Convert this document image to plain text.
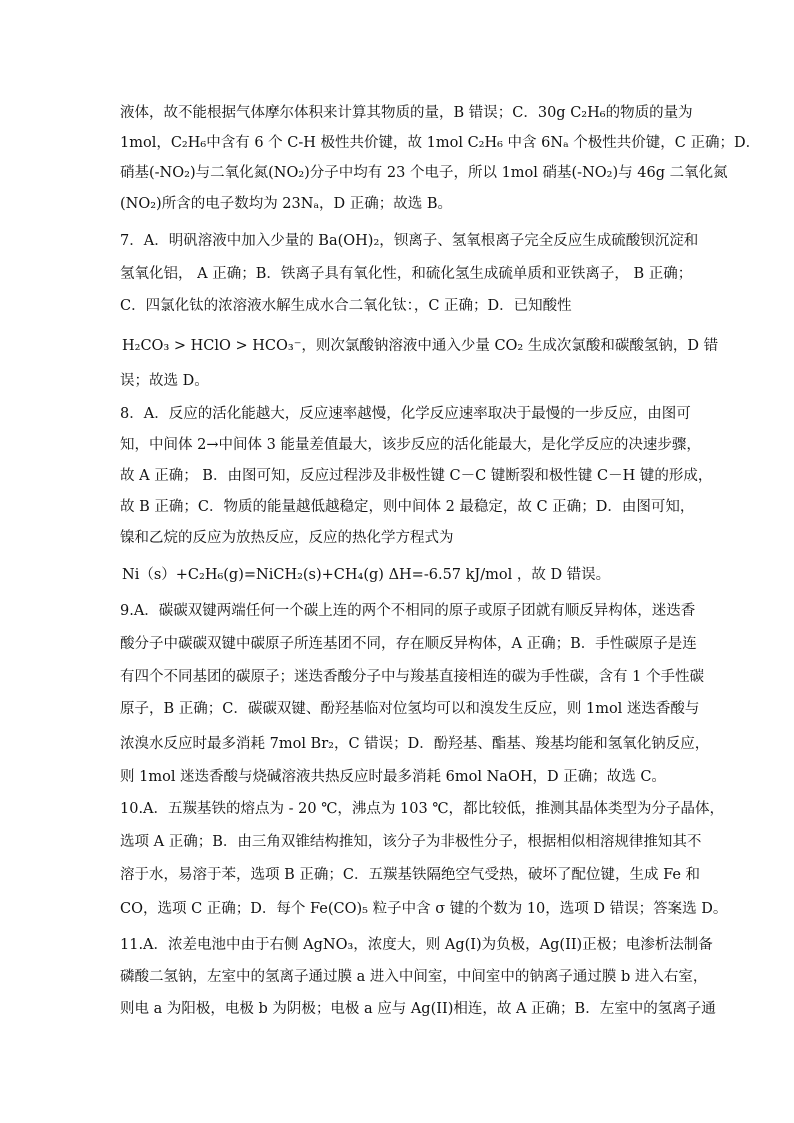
液体，故不能根据气体摩尔体积来计算其物质的量，B 错误；C．30g C₂H₆的物质的量为
1mol，C₂H₆中含有 6 个 C-H 极性共价键，故 1mol C₂H₆ 中含 6Nₐ 个极性共价键，C 正确；D．
硝基(-NO₂)与二氧化氮(NO₂)分子中均有 23 个电子，所以 1mol 硝基(-NO₂)与 46g 二氧化氮
(NO₂)所含的电子数均为 23Nₐ，D 正确；故选 B。
7．A．明矾溶液中加入少量的 Ba(OH)₂，钡离子、氢氧根离子完全反应生成硫酸钡沉淀和
氢氧化铝， A 正确；B．铁离子具有氧化性，和硫化氢生成硫单质和亚铁离子， B 正确；
C．四氯化钛的浓溶液水解生成水合二氧化钛：，C 正确；D．已知酸性
H₂CO₃ > HClO > HCO₃⁻，则次氯酸钠溶液中通入少量 CO₂ 生成次氯酸和碳酸氢钠，D 错
误；故选 D。
8．A．反应的活化能越大，反应速率越慢，化学反应速率取决于最慢的一步反应，由图可
知，中间体 2→中间体 3 能量差值最大，该步反应的活化能最大，是化学反应的决速步骤，
故 A 正确； B．由图可知，反应过程涉及非极性键 C－C 键断裂和极性键 C－H 键的形成，
故 B 正确；C．物质的能量越低越稳定，则中间体 2 最稳定，故 C 正确；D．由图可知，
镍和乙烷的反应为放热反应，反应的热化学方程式为
Ni（s）+C₂H₆(g)=NiCH₂(s)+CH₄(g) ΔH=-6.57 kJ/mol ，故 D 错误。
9.A．碳碳双键两端任何一个碳上连的两个不相同的原子或原子团就有顺反异构体，迷迭香
酸分子中碳碳双键中碳原子所连基团不同，存在顺反异构体，A 正确；B．手性碳原子是连
有四个不同基团的碳原子；迷迭香酸分子中与羧基直接相连的碳为手性碳，含有 1 个手性碳
原子，B 正确；C．碳碳双键、酚羟基临对位氢均可以和溴发生反应，则 1mol 迷迭香酸与
浓溴水反应时最多消耗 7mol Br₂，C 错误；D．酚羟基、酯基、羧基均能和氢氧化钠反应，
则 1mol 迷迭香酸与烧碱溶液共热反应时最多消耗 6mol NaOH，D 正确；故选 C。
10.A．五羰基铁的熔点为 - 20 ℃，沸点为 103 ℃，都比较低，推测其晶体类型为分子晶体，
选项 A 正确；B．由三角双锥结构推知，该分子为非极性分子，根据相似相溶规律推知其不
溶于水，易溶于苯，选项 B 正确；C．五羰基铁隔绝空气受热，破坏了配位键，生成 Fe 和
CO，选项 C 正确；D．每个 Fe(CO)₅ 粒子中含 σ 键的个数为 10，选项 D 错误；答案选 D。
11.A．浓差电池中由于右侧 AgNO₃，浓度大，则 Ag(I)为负极，Ag(II)正极；电渗析法制备
磷酸二氢钠，左室中的氢离子通过膜 a 进入中间室，中间室中的钠离子通过膜 b 进入右室，
则电 a 为阳极，电极 b 为阴极；电极 a 应与 Ag(II)相连，故 A 正确；B．左室中的氢离子通
